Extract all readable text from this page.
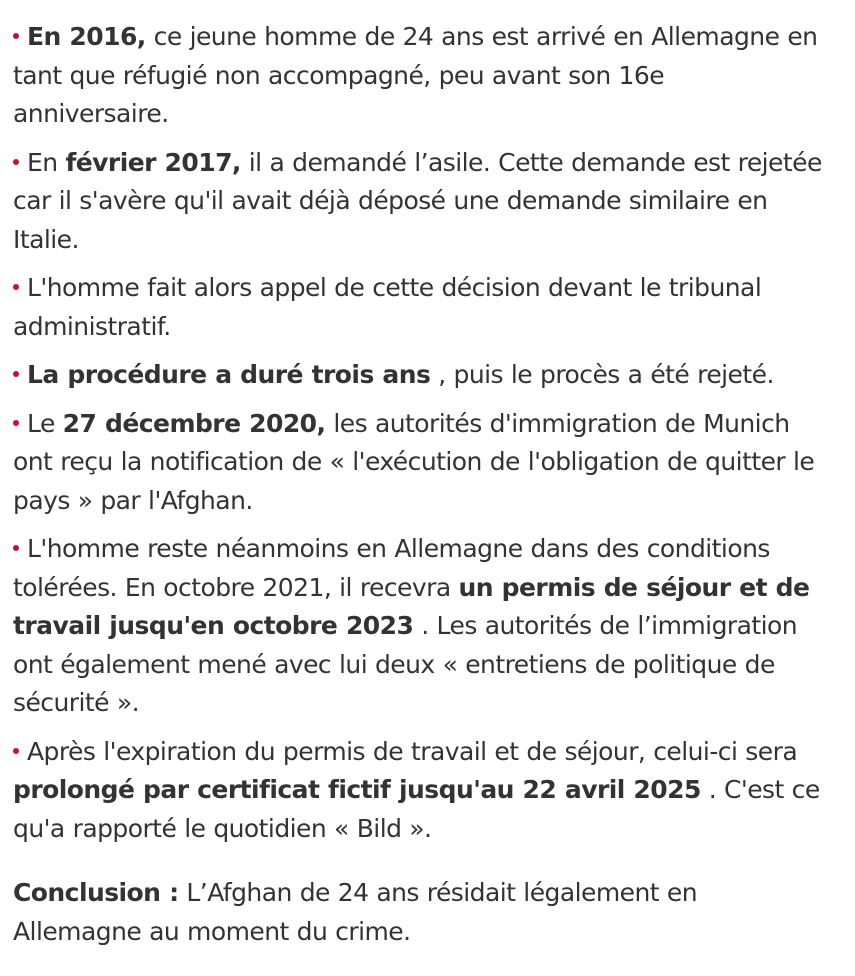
En 2016, ce jeune homme de 24 ans est arrivé en Allemagne en tant que réfugié non accompagné, peu avant son 16e anniversaire.
En février 2017, il a demandé l’asile. Cette demande est rejetée car il s'avère qu'il avait déjà déposé une demande similaire en Italie.
L'homme fait alors appel de cette décision devant le tribunal administratif.
La procédure a duré trois ans , puis le procès a été rejeté.
Le 27 décembre 2020, les autorités d'immigration de Munich ont reçu la notification de « l'exécution de l'obligation de quitter le pays » par l'Afghan.
L'homme reste néanmoins en Allemagne dans des conditions tolérées. En octobre 2021, il recevra un permis de séjour et de travail jusqu'en octobre 2023 . Les autorités de l’immigration ont également mené avec lui deux « entretiens de politique de sécurité ».
Après l'expiration du permis de travail et de séjour, celui-ci sera prolongé par certificat fictif jusqu'au 22 avril 2025 . C'est ce qu'a rapporté le quotidien « Bild ».

Conclusion : L’Afghan de 24 ans résidait légalement en Allemagne au moment du crime.
